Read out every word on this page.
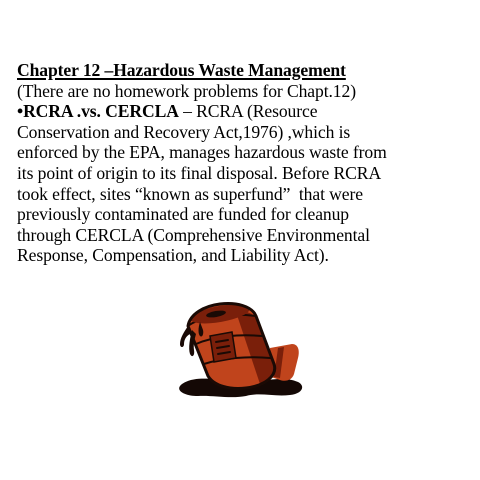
Chapter 12 –Hazardous Waste Management
(There are no homework problems for Chapt.12)
•RCRA .vs. CERCLA – RCRA (Resource
Conservation and Recovery Act,1976) ,which is
enforced by the EPA, manages hazardous waste from
its point of origin to its final disposal. Before RCRA
took effect, sites “known as superfund”  that were
previously contaminated are funded for cleanup
through CERCLA (Comprehensive Environmental
Response, Compensation, and Liability Act).
